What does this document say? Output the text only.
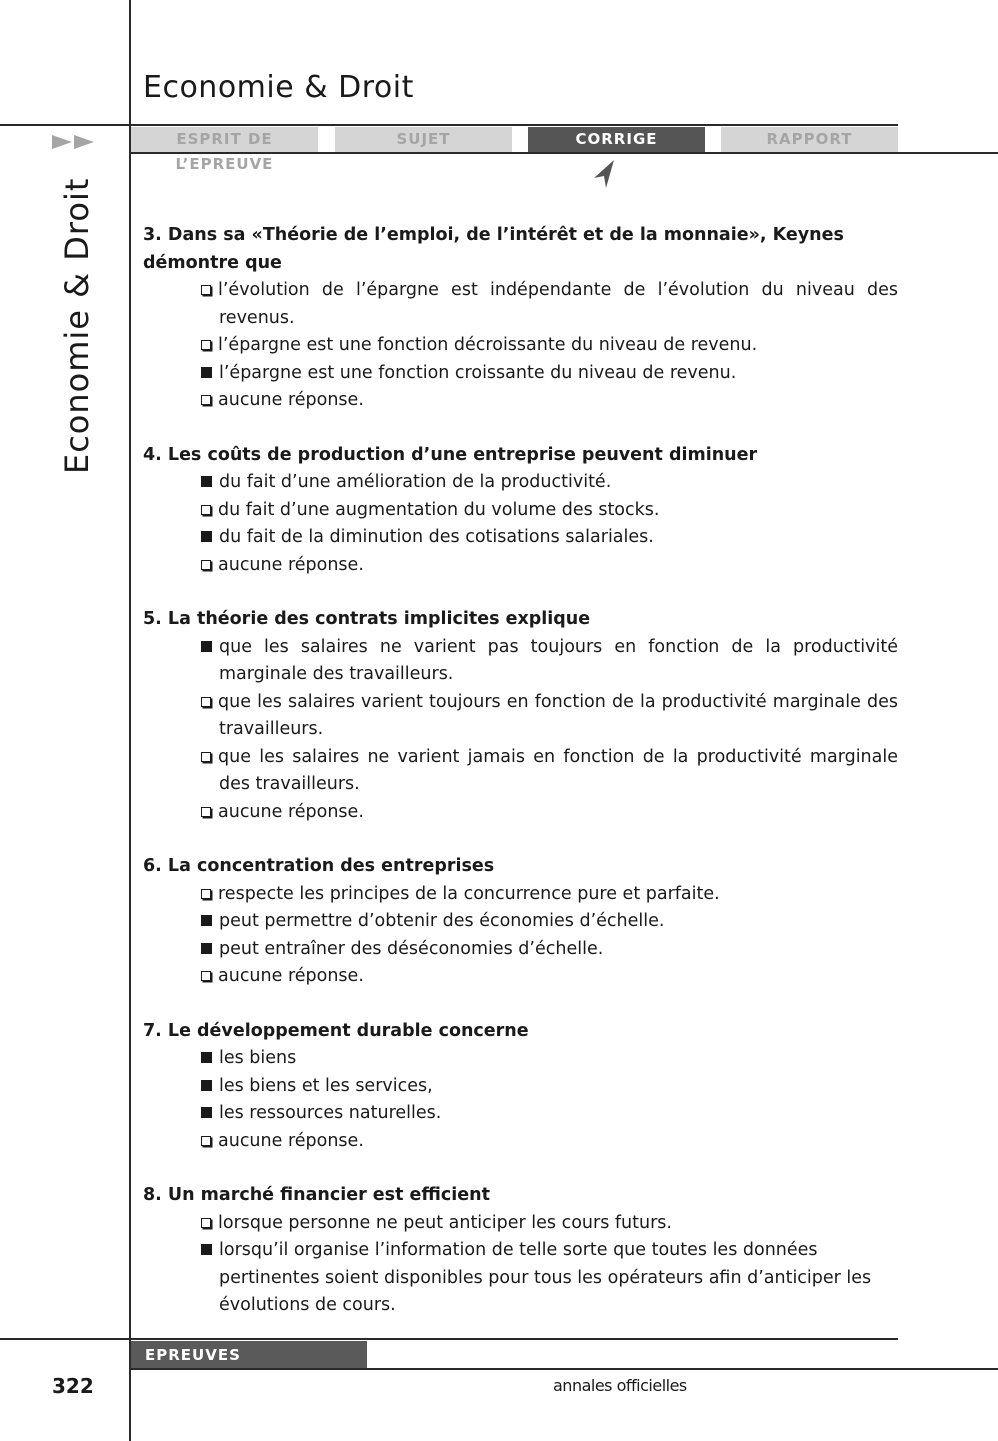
Economie & Droit
Economie & Droit
ESPRIT DE L’EPREUVE
SUJET	CORRIGE	RAPPORT
3. Dans sa «Théorie de l’emploi, de l’intérêt et de la monnaie», Keynes démontre que
l’évolution de l’épargne est indépendante de l’évolution du niveau des revenus.
l’épargne est une fonction décroissante du niveau de revenu.
l’épargne est une fonction croissante du niveau de revenu.
aucune réponse.
4. Les coûts de production d’une entreprise peuvent diminuer
du fait d’une amélioration de la productivité.
du fait d’une augmentation du volume des stocks.
du fait de la diminution des cotisations salariales.
aucune réponse.
5. La théorie des contrats implicites explique
que les salaires ne varient pas toujours en fonction de la productivité marginale des travailleurs.
que les salaires varient toujours en fonction de la productivité marginale des travailleurs.
que les salaires ne varient jamais en fonction de la productivité marginale des travailleurs.
aucune réponse.
6. La concentration des entreprises
respecte les principes de la concurrence pure et parfaite.
peut permettre d’obtenir des économies d’échelle.
peut entraîner des déséconomies d’échelle.
aucune réponse.
7. Le développement durable concerne
les biens
les biens et les services,
les ressources naturelles.
aucune réponse.
8. Un marché financier est efficient
lorsque personne ne peut anticiper les cours futurs.
lorsqu’il organise l’information de telle sorte que toutes les données pertinentes soient disponibles pour tous les opérateurs afin d’anticiper les évolutions de cours.
EPREUVES SPECIFIQUES
322	annales officielles
